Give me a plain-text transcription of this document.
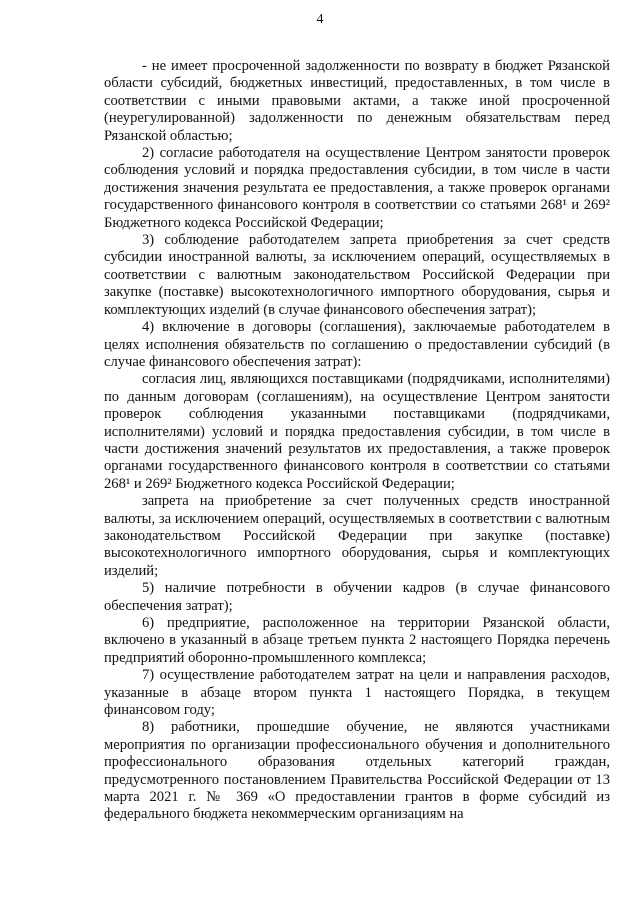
4

- не имеет просроченной задолженности по возврату в бюджет Рязанской области субсидий, бюджетных инвестиций, предоставленных, в том числе в соответствии с иными правовыми актами, а также иной просроченной (неурегулированной) задолженности по денежным обязательствам перед Рязанской областью;

2) согласие работодателя на осуществление Центром занятости проверок соблюдения условий и порядка предоставления субсидии, в том числе в части достижения значения результата ее предоставления, а также проверок органами государственного финансового контроля в соответствии со статьями 268¹ и 269² Бюджетного кодекса Российской Федерации;

3) соблюдение работодателем запрета приобретения за счет средств субсидии иностранной валюты, за исключением операций, осуществляемых в соответствии с валютным законодательством Российской Федерации при закупке (поставке) высокотехнологичного импортного оборудования, сырья и комплектующих изделий (в случае финансового обеспечения затрат);

4) включение в договоры (соглашения), заключаемые работодателем в целях исполнения обязательств по соглашению о предоставлении субсидий (в случае финансового обеспечения затрат):

согласия лиц, являющихся поставщиками (подрядчиками, исполнителями) по данным договорам (соглашениям), на осуществление Центром занятости проверок соблюдения указанными поставщиками (подрядчиками, исполнителями) условий и порядка предоставления субсидии, в том числе в части достижения значений результатов их предоставления, а также проверок органами государственного финансового контроля в соответствии со статьями 268¹ и 269² Бюджетного кодекса Российской Федерации;

запрета на приобретение за счет полученных средств иностранной валюты, за исключением операций, осуществляемых в соответствии с валютным законодательством Российской Федерации при закупке (поставке) высокотехнологичного импортного оборудования, сырья и комплектующих изделий;

5) наличие потребности в обучении кадров (в случае финансового обеспечения затрат);

6) предприятие, расположенное на территории Рязанской области, включено в указанный в абзаце третьем пункта 2 настоящего Порядка перечень предприятий оборонно-промышленного комплекса;

7) осуществление работодателем затрат на цели и направления расходов, указанные в абзаце втором пункта 1 настоящего Порядка, в текущем финансовом году;

8) работники, прошедшие обучение, не являются участниками мероприятия по организации профессионального обучения и дополнительного профессионального образования отдельных категорий граждан, предусмотренного постановлением Правительства Российской Федерации от 13 марта 2021 г. № 369 «О предоставлении грантов в форме субсидий из федерального бюджета некоммерческим организациям на
